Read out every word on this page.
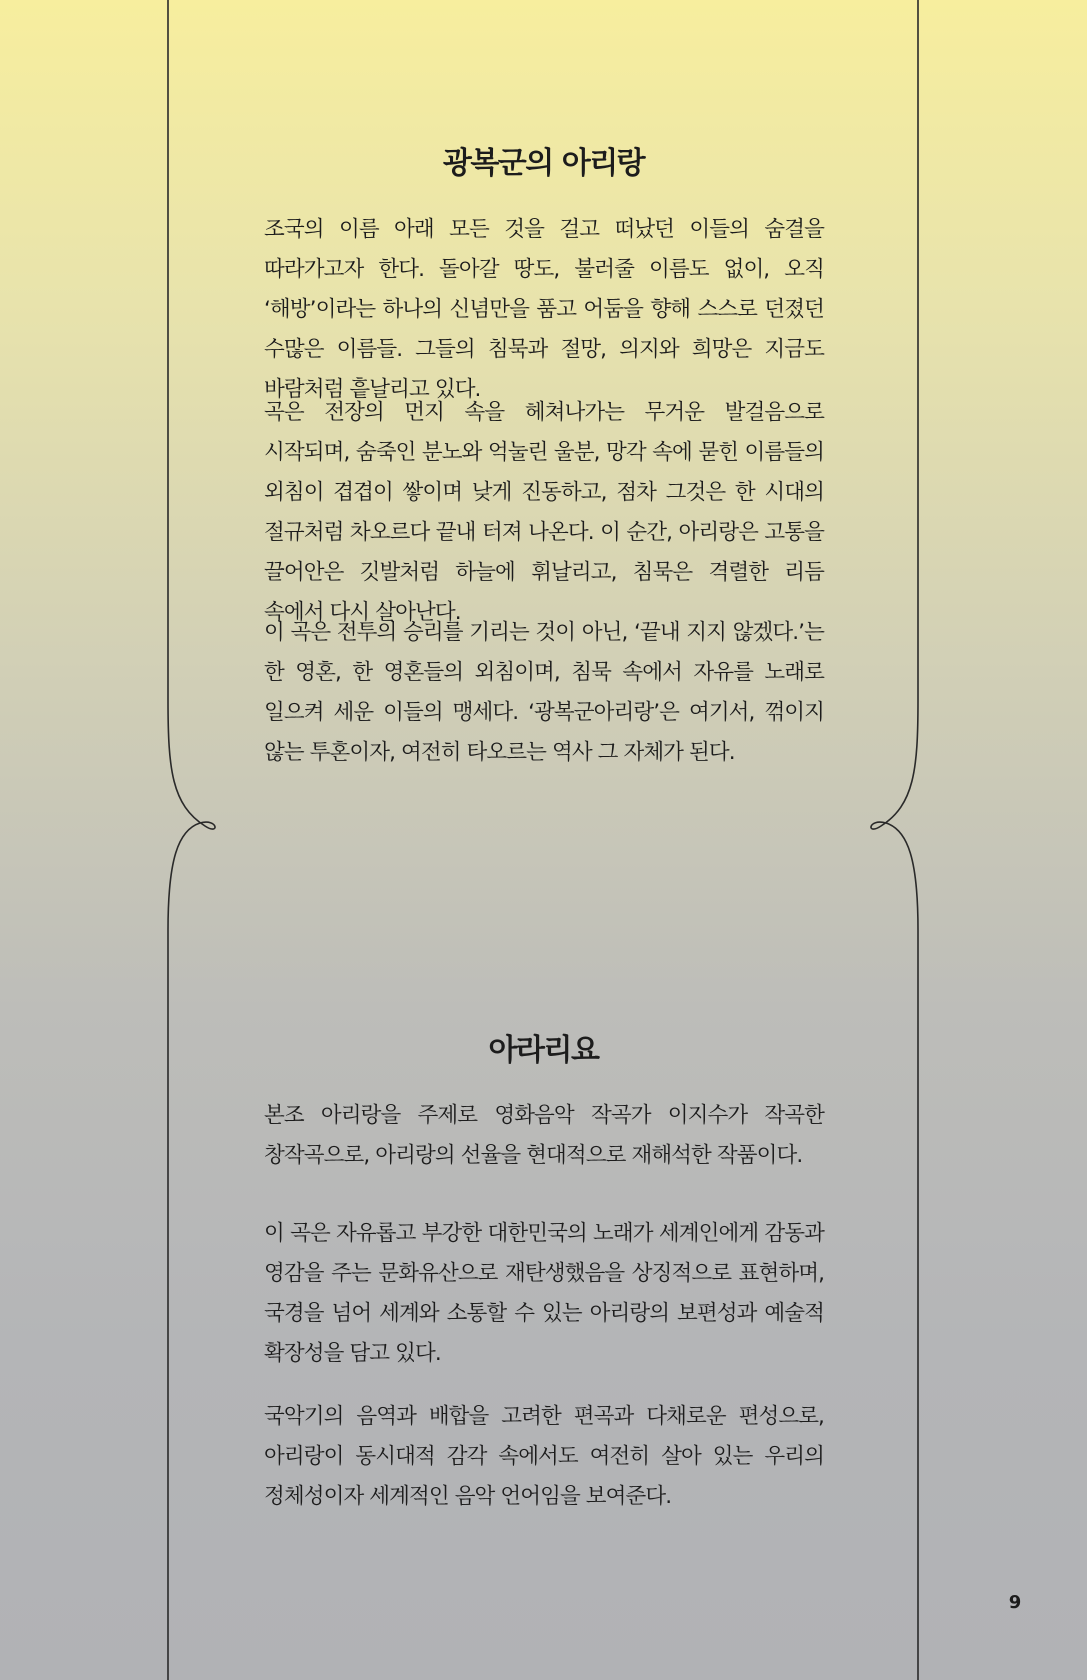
광복군의 아리랑

조국의 이름 아래 모든 것을 걸고 떠났던 이들의 숨결을 따라가고자 한다. 돌아갈 땅도, 불러줄 이름도 없이, 오직 ‘해방’이라는 하나의 신념만을 품고 어둠을 향해 스스로 던졌던 수많은 이름들. 그들의 침묵과 절망, 의지와 희망은 지금도 바람처럼 흩날리고 있다.

곡은 전장의 먼지 속을 헤쳐나가는 무거운 발걸음으로 시작되며, 숨죽인 분노와 억눌린 울분, 망각 속에 묻힌 이름들의 외침이 겹겹이 쌓이며 낮게 진동하고, 점차 그것은 한 시대의 절규처럼 차오르다 끝내 터져 나온다. 이 순간, 아리랑은 고통을 끌어안은 깃발처럼 하늘에 휘날리고, 침묵은 격렬한 리듬 속에서 다시 살아난다.

이 곡은 전투의 승리를 기리는 것이 아닌, ‘끝내 지지 않겠다.’는 한 영혼, 한 영혼들의 외침이며, 침묵 속에서 자유를 노래로 일으켜 세운 이들의 맹세다. ‘광복군아리랑’은 여기서, 꺾이지 않는 투혼이자, 여전히 타오르는 역사 그 자체가 된다.

아라리요

본조 아리랑을 주제로 영화음악 작곡가 이지수가 작곡한 창작곡으로, 아리랑의 선율을 현대적으로 재해석한 작품이다.

이 곡은 자유롭고 부강한 대한민국의 노래가 세계인에게 감동과 영감을 주는 문화유산으로 재탄생했음을 상징적으로 표현하며, 국경을 넘어 세계와 소통할 수 있는 아리랑의 보편성과 예술적 확장성을 담고 있다.

국악기의 음역과 배합을 고려한 편곡과 다채로운 편성으로, 아리랑이 동시대적 감각 속에서도 여전히 살아 있는 우리의 정체성이자 세계적인 음악 언어임을 보여준다.

9
